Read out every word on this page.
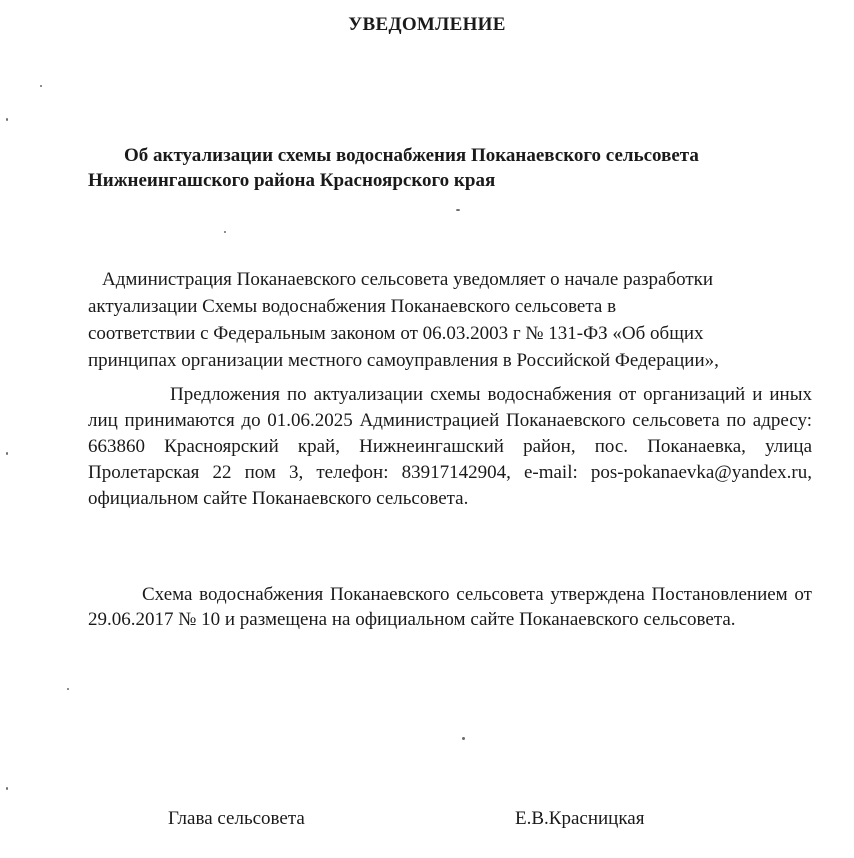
УВЕДОМЛЕНИЕ
Об актуализации схемы водоснабжения Поканаевского сельсовета
Нижнеингашского района Красноярского края
Администрация Поканаевского сельсовета уведомляет о начале разработки
актуализации Схемы водоснабжения Поканаевского сельсовета в
соответствии с Федеральным законом от 06.03.2003 г № 131-ФЗ «Об общих
принципах организации местного самоуправления в Российской Федерации»,
Предложения по актуализации схемы водоснабжения от организаций и иных лиц принимаются до 01.06.2025 Администрацией Поканаевского сельсовета по адресу: 663860 Красноярский край, Нижнеингашский район, пос. Поканаевка, улица Пролетарская 22 пом 3, телефон: 83917142904, e-mail: pos-pokanaevka@yandex.ru, официальном сайте Поканаевского сельсовета.
Схема водоснабжения Поканаевского сельсовета утверждена Постановлением от 29.06.2017 № 10 и размещена на официальном сайте Поканаевского сельсовета.
Глава сельсовета	Е.В.Красницкая
